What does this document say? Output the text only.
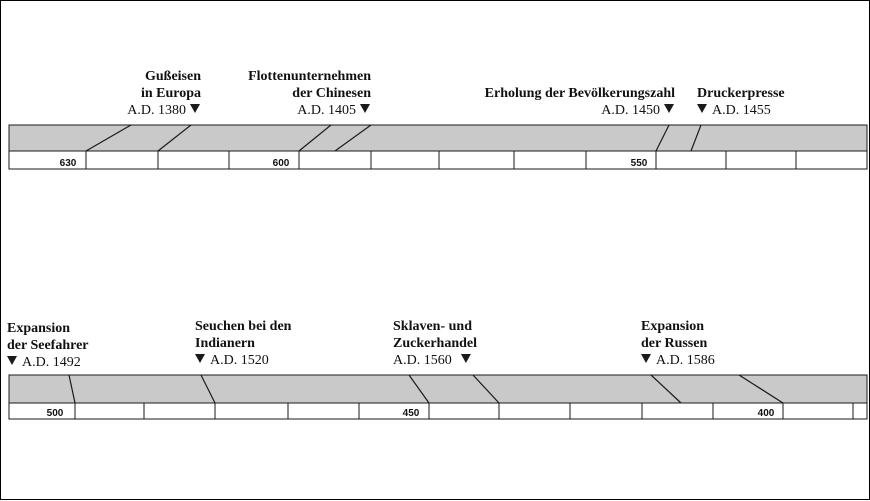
630	600	550
Gußeisen
in Europa
A.D. 1380
Flottenunternehmen
der Chinesen
A.D. 1405
Erholung der Bevölkerungszahl
A.D. 1450
Druckerpresse
A.D. 1455
500	450	400
Expansion
der Seefahrer
A.D. 1492
Seuchen bei den
Indianern
A.D. 1520
Sklaven- und
Zuckerhandel
A.D. 1560
Expansion
der Russen
A.D. 1586
